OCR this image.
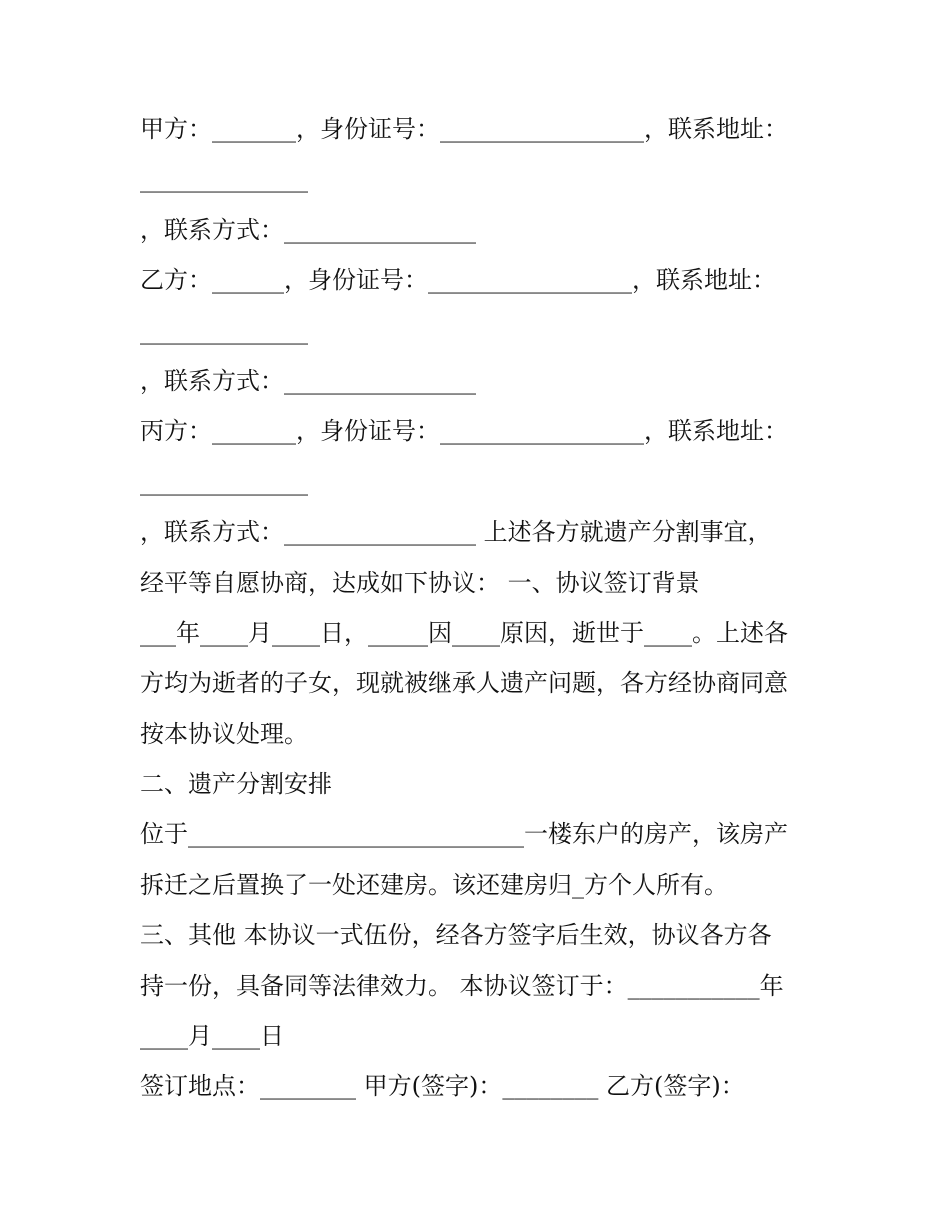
甲方：_______，身份证号：_________________，联系地址：
______________
，联系方式：________________
乙方：______，身份证号：_________________，联系地址：
______________
，联系方式：________________
丙方：_______，身份证号：_________________，联系地址：
______________
，联系方式：________________ 上述各方就遗产分割事宜，
经平等自愿协商，达成如下协议： 一、协议签订背景
___年____月____日，_____因____原因，逝世于____。上述各
方均为逝者的子女，现就被继承人遗产问题，各方经协商同意
按本协议处理。
二、遗产分割安排
位于____________________________一楼东户的房产，该房产
拆迁之后置换了一处还建房。该还建房归_方个人所有。
三、其他 本协议一式伍份，经各方签字后生效，协议各方各
持一份，具备同等法律效力。 本协议签订于：___________年
____月____日
签订地点：________ 甲方(签字)：________ 乙方(签字)：
